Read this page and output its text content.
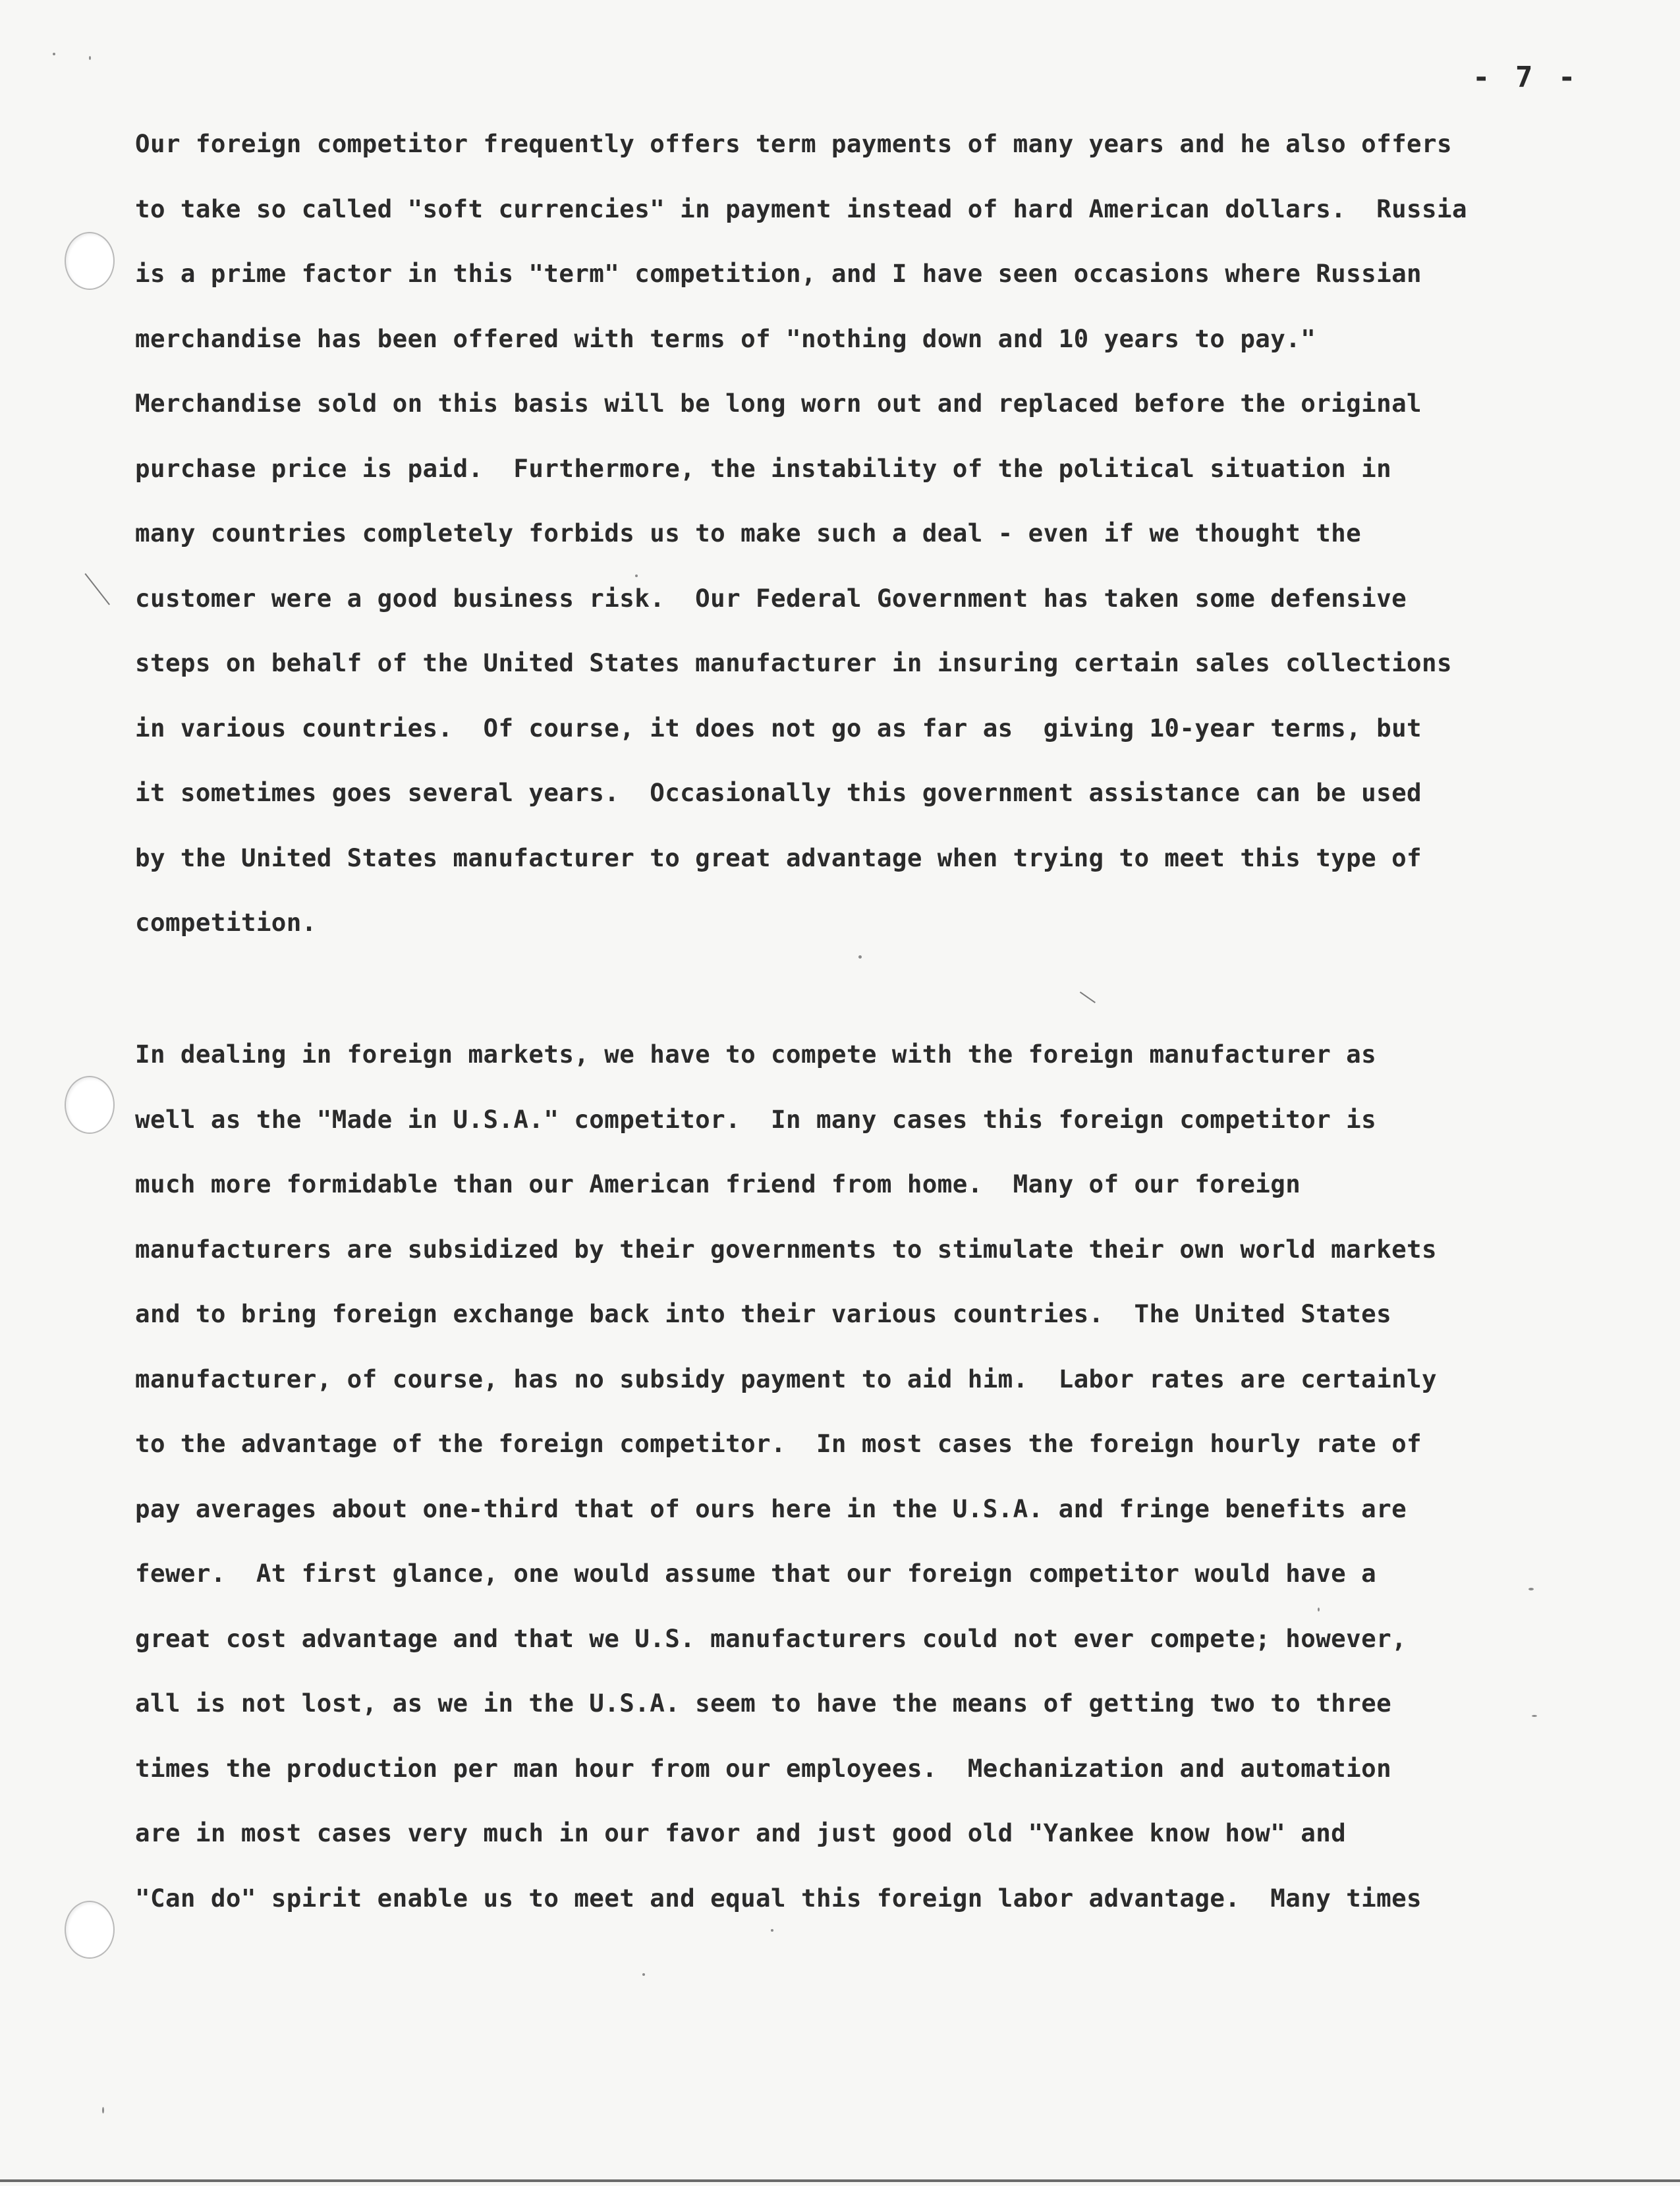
- 7 -
Our foreign competitor frequently offers term payments of many years and he also offers
to take so called "soft currencies" in payment instead of hard American dollars.  Russia
is a prime factor in this "term" competition, and I have seen occasions where Russian
merchandise has been offered with terms of "nothing down and 10 years to pay."
Merchandise sold on this basis will be long worn out and replaced before the original
purchase price is paid.  Furthermore, the instability of the political situation in
many countries completely forbids us to make such a deal - even if we thought the
customer were a good business risk.  Our Federal Government has taken some defensive
steps on behalf of the United States manufacturer in insuring certain sales collections
in various countries.  Of course, it does not go as far as  giving 10-year terms, but
it sometimes goes several years.  Occasionally this government assistance can be used
by the United States manufacturer to great advantage when trying to meet this type of
competition.
In dealing in foreign markets, we have to compete with the foreign manufacturer as
well as the "Made in U.S.A." competitor.  In many cases this foreign competitor is
much more formidable than our American friend from home.  Many of our foreign
manufacturers are subsidized by their governments to stimulate their own world markets
and to bring foreign exchange back into their various countries.  The United States
manufacturer, of course, has no subsidy payment to aid him.  Labor rates are certainly
to the advantage of the foreign competitor.  In most cases the foreign hourly rate of
pay averages about one-third that of ours here in the U.S.A. and fringe benefits are
fewer.  At first glance, one would assume that our foreign competitor would have a
great cost advantage and that we U.S. manufacturers could not ever compete; however,
all is not lost, as we in the U.S.A. seem to have the means of getting two to three
times the production per man hour from our employees.  Mechanization and automation
are in most cases very much in our favor and just good old "Yankee know how" and
"Can do" spirit enable us to meet and equal this foreign labor advantage.  Many times
